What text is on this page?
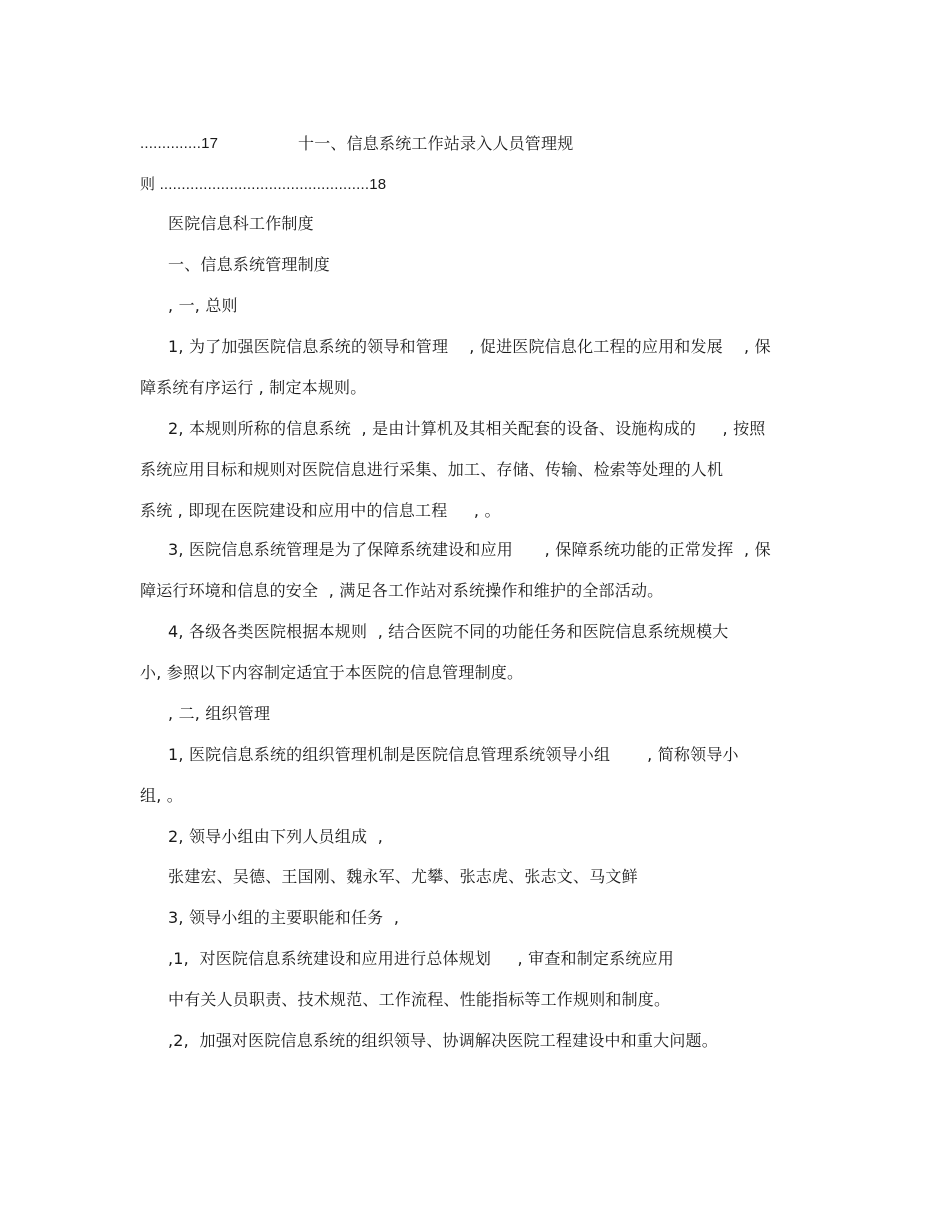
..............17	十一、信息系统工作站录入人员管理规
则 ................................................18
医院信息科工作制度
一、信息系统管理制度
, 一, 总则
1, 为了加强医院信息系统的领导和管理    , 促进医院信息化工程的应用和发展    , 保
障系统有序运行 , 制定本规则。
2, 本规则所称的信息系统  , 是由计算机及其相关配套的设备、设施构成的     , 按照
系统应用目标和规则对医院信息进行采集、加工、存储、传输、检索等处理的人机
系统 , 即现在医院建设和应用中的信息工程     , 。
3, 医院信息系统管理是为了保障系统建设和应用      , 保障系统功能的正常发挥  , 保
障运行环境和信息的安全  , 满足各工作站对系统操作和维护的全部活动。
4, 各级各类医院根据本规则  , 结合医院不同的功能任务和医院信息系统规模大
小, 参照以下内容制定适宜于本医院的信息管理制度。
, 二, 组织管理
1, 医院信息系统的组织管理机制是医院信息管理系统领导小组       , 简称领导小
组, 。
2, 领导小组由下列人员组成  ,
张建宏、吴德、王国刚、魏永军、尤攀、张志虎、张志文、马文鲜
3, 领导小组的主要职能和任务  ,
,1,  对医院信息系统建设和应用进行总体规划     , 审查和制定系统应用
中有关人员职责、技术规范、工作流程、性能指标等工作规则和制度。
,2,  加强对医院信息系统的组织领导、协调解决医院工程建设中和重大问题。
